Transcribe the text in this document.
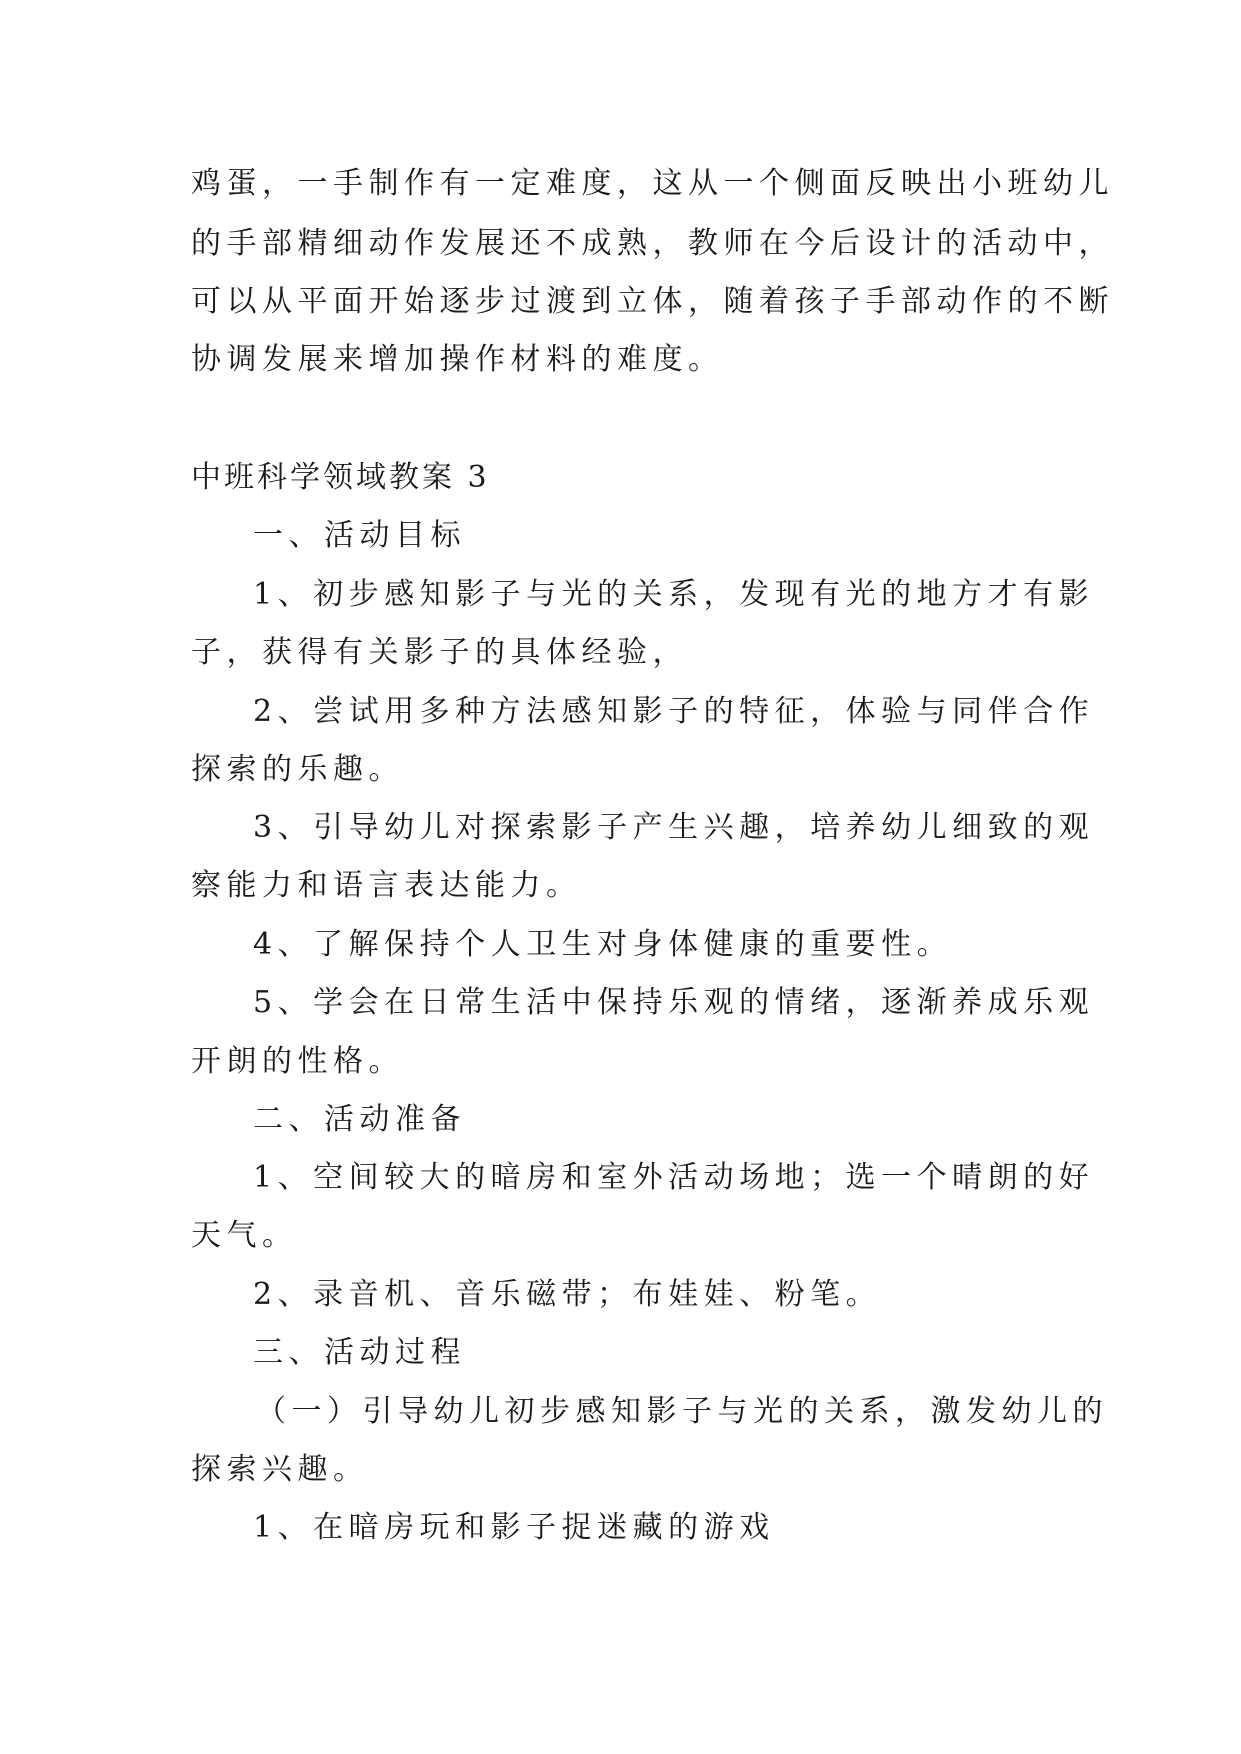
鸡蛋，一手制作有一定难度，这从一个侧面反映出小班幼儿
的手部精细动作发展还不成熟，教师在今后设计的活动中，
可以从平面开始逐步过渡到立体，随着孩子手部动作的不断
协调发展来增加操作材料的难度。
中班科学领域教案 3
一、活动目标
1、初步感知影子与光的关系，发现有光的地方才有影
子，获得有关影子的具体经验，
2、尝试用多种方法感知影子的特征，体验与同伴合作
探索的乐趣。
3、引导幼儿对探索影子产生兴趣，培养幼儿细致的观
察能力和语言表达能力。
4、了解保持个人卫生对身体健康的重要性。
5、学会在日常生活中保持乐观的情绪，逐渐养成乐观
开朗的性格。
二、活动准备
1、空间较大的暗房和室外活动场地；选一个晴朗的好
天气。
2、录音机、音乐磁带；布娃娃、粉笔。
三、活动过程
（一）引导幼儿初步感知影子与光的关系，激发幼儿的
探索兴趣。
1、在暗房玩和影子捉迷藏的游戏
